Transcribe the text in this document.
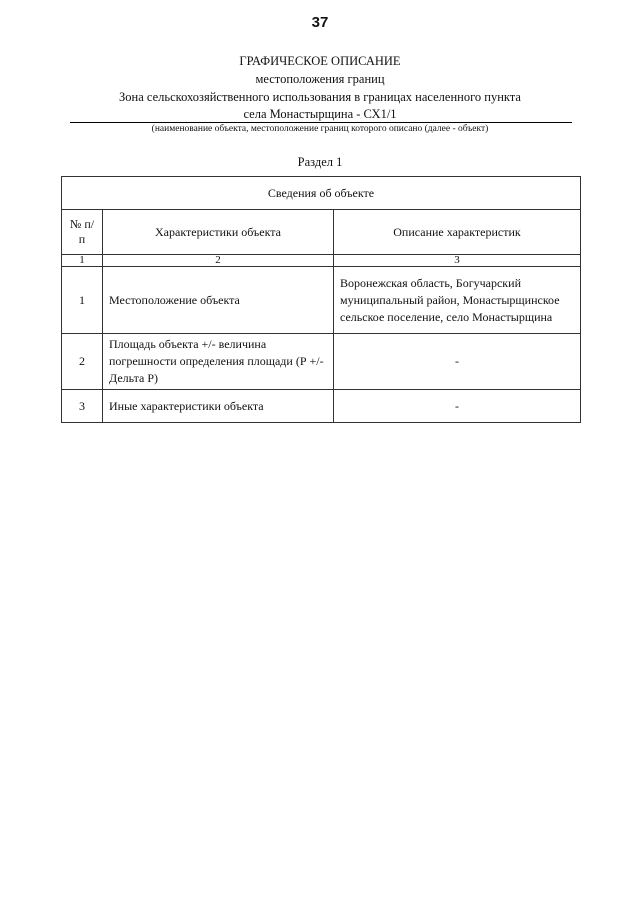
37
ГРАФИЧЕСКОЕ ОПИСАНИЕ
местоположения границ
Зона сельскохозяйственного использования в границах населенного пункта
села Монастырщина - СХ1/1
(наименование объекта, местоположение границ которого описано (далее - объект)
Раздел 1
Сведения об объекте		
№ п/п	Характеристики объекта	Описание характеристик
1	2	3
1	Местоположение объекта	Воронежская область, Богучарский муниципальный район, Монастырщинское сельское поселение, село Монастырщина
2	Площадь объекта +/- величина погрешности определения площади (Р +/- Дельта Р)	-
3	Иные характеристики объекта	-
